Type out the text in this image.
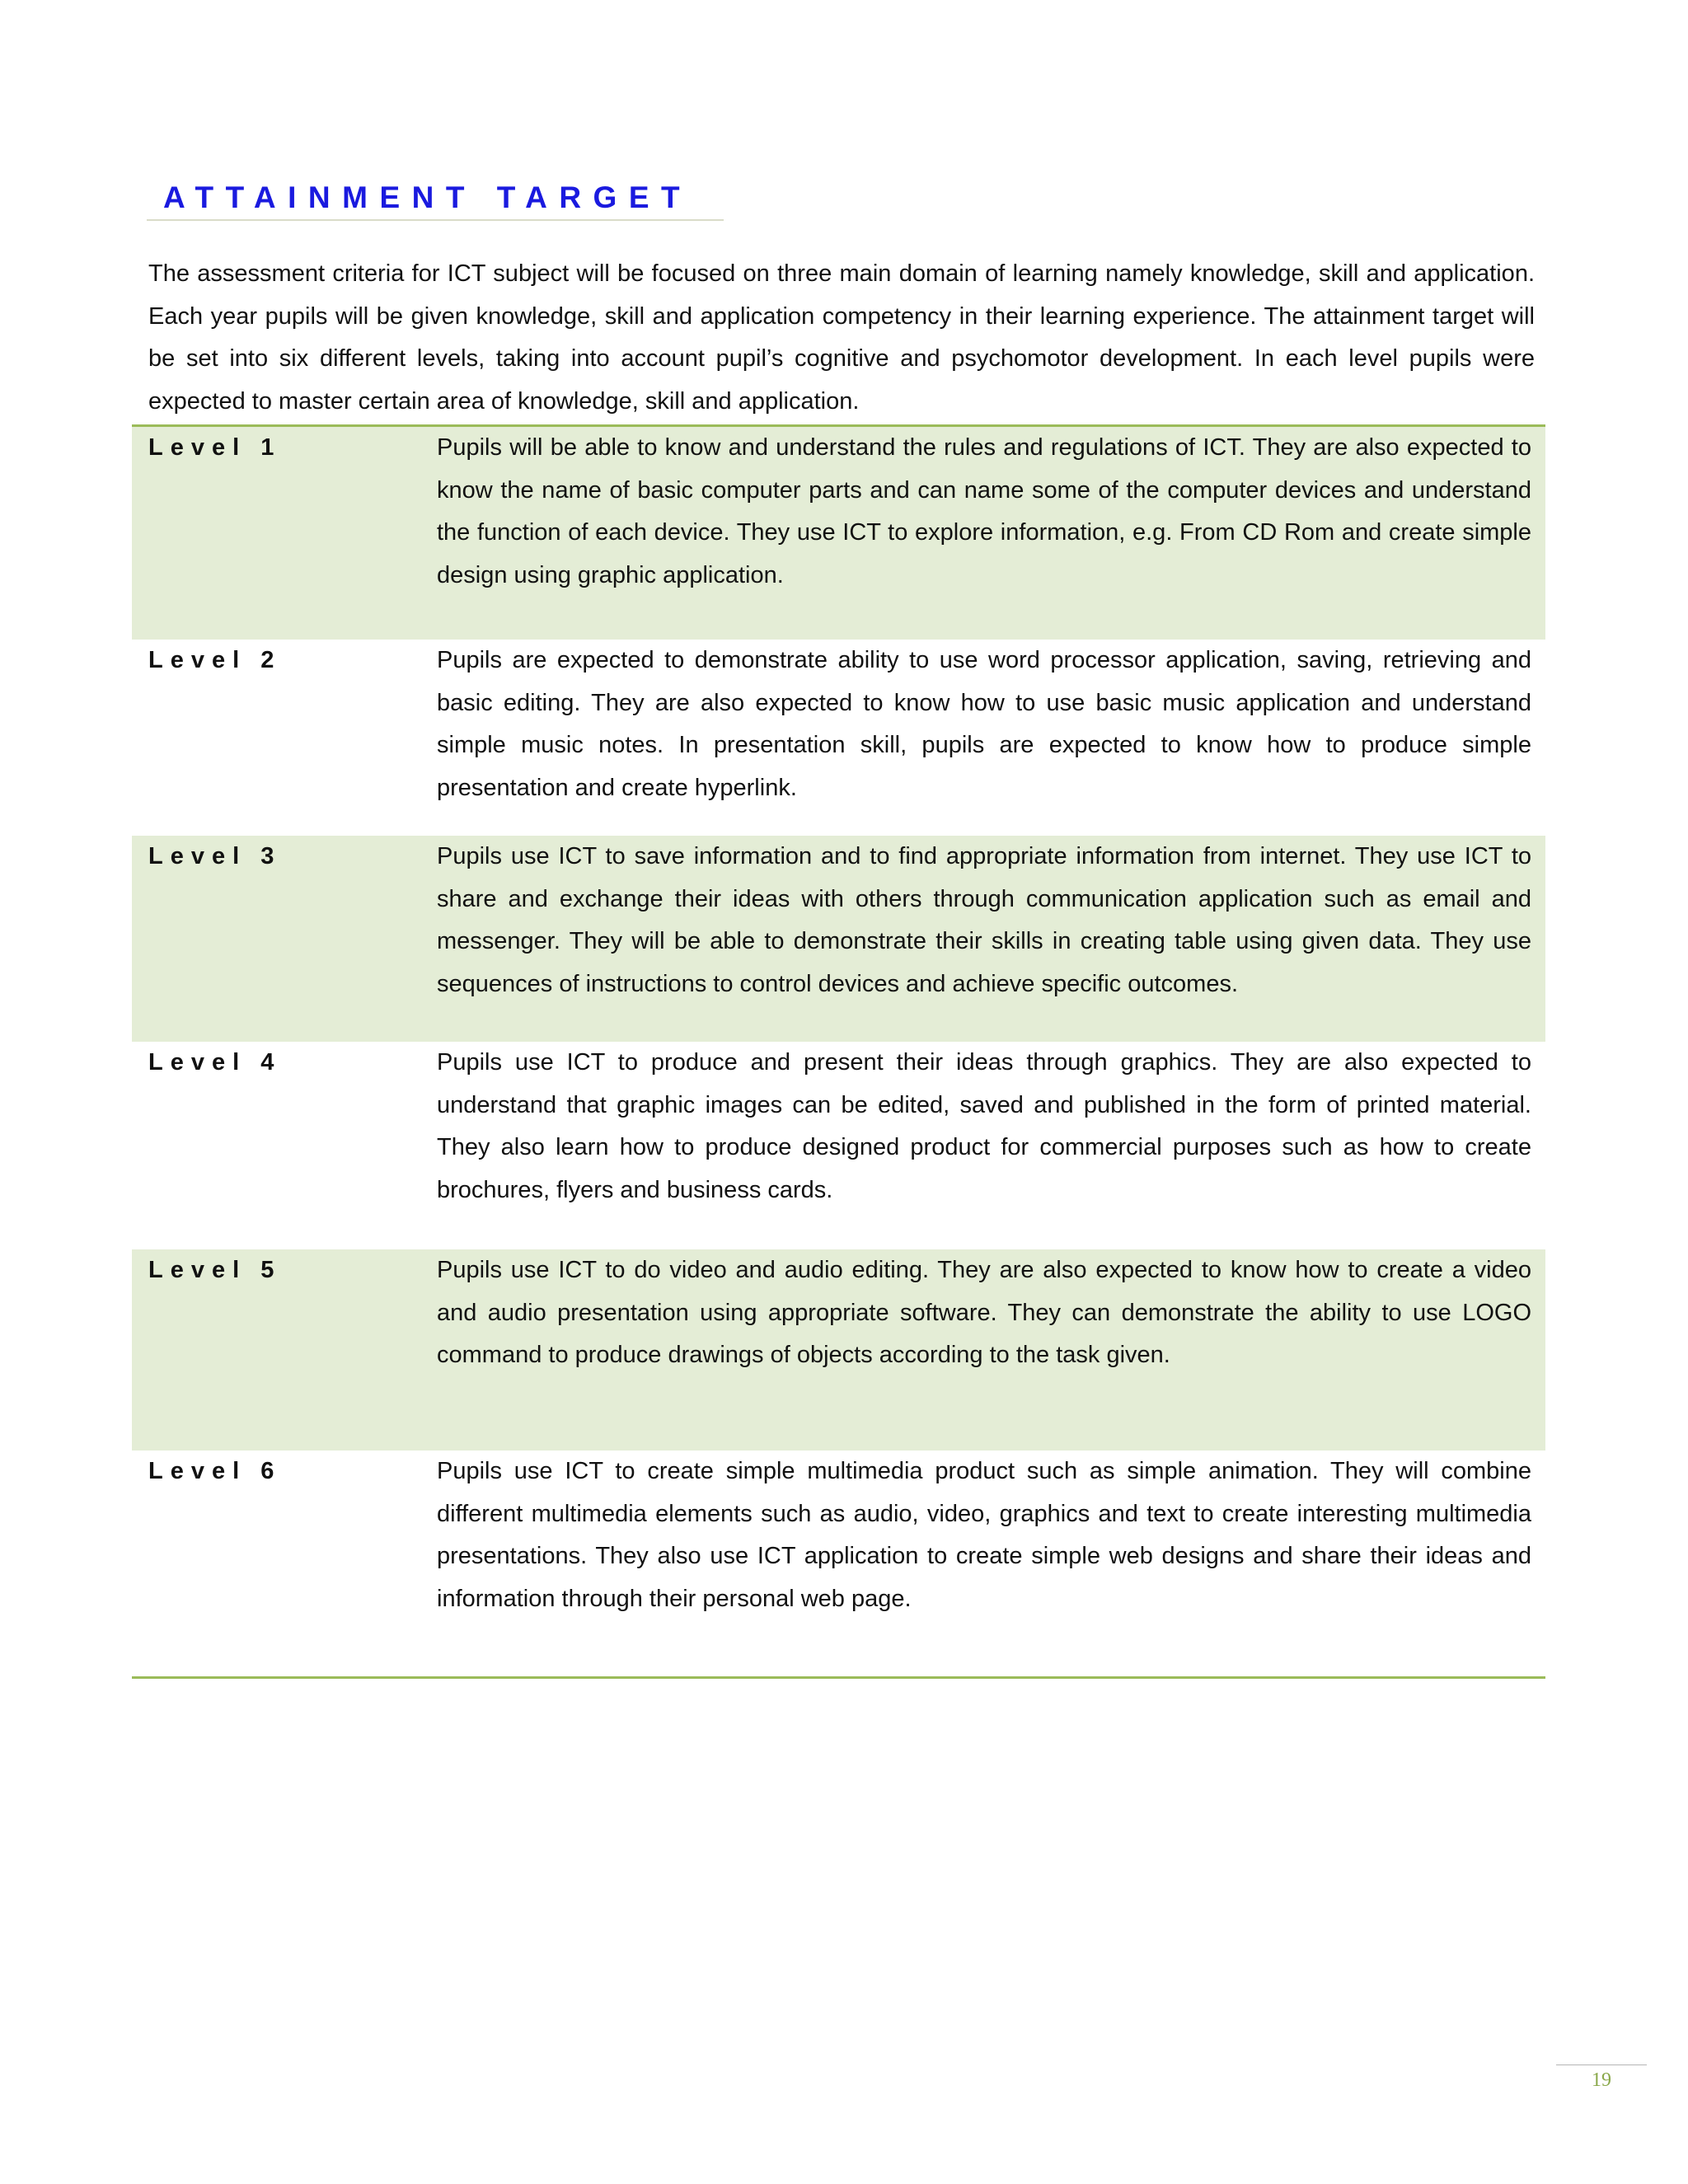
ATTAINMENT TARGET

The assessment criteria for ICT subject will be focused on three main domain of learning namely knowledge, skill and application. Each year pupils will be given knowledge, skill and application competency in their learning experience. The attainment target will be set into six different levels, taking into account pupil’s cognitive and psychomotor development. In each level pupils were expected to master certain area of knowledge, skill and application.

Level 1	Pupils will be able to know and understand the rules and regulations of ICT. They are also expected to know the name of basic computer parts and can name some of the computer devices and understand the function of each device. They use ICT to explore information, e.g. From CD Rom and create simple design using graphic application.

Level 2	Pupils are expected to demonstrate ability to use word processor application, saving, retrieving and basic editing. They are also expected to know how to use basic music application and understand simple music notes. In presentation skill, pupils are expected to know how to produce simple presentation and create hyperlink.

Level 3	Pupils use ICT to save information and to find appropriate information from internet. They use ICT to share and exchange their ideas with others through communication application such as email and messenger. They will be able to demonstrate their skills in creating table using given data. They use sequences of instructions to control devices and achieve specific outcomes.

Level 4	Pupils use ICT to produce and present their ideas through graphics. They are also expected to understand that graphic images can be edited, saved and published in the form of printed material. They also learn how to produce designed product for commercial purposes such as how to create brochures, flyers and business cards.

Level 5	Pupils use ICT to do video and audio editing. They are also expected to know how to create a video and audio presentation using appropriate software. They can demonstrate the ability to use LOGO command to produce drawings of objects according to the task given.

Level 6	Pupils use ICT to create simple multimedia product such as simple animation. They will combine different multimedia elements such as audio, video, graphics and text to create interesting multimedia presentations. They also use ICT application to create simple web designs and share their ideas and information through their personal web page.

19
